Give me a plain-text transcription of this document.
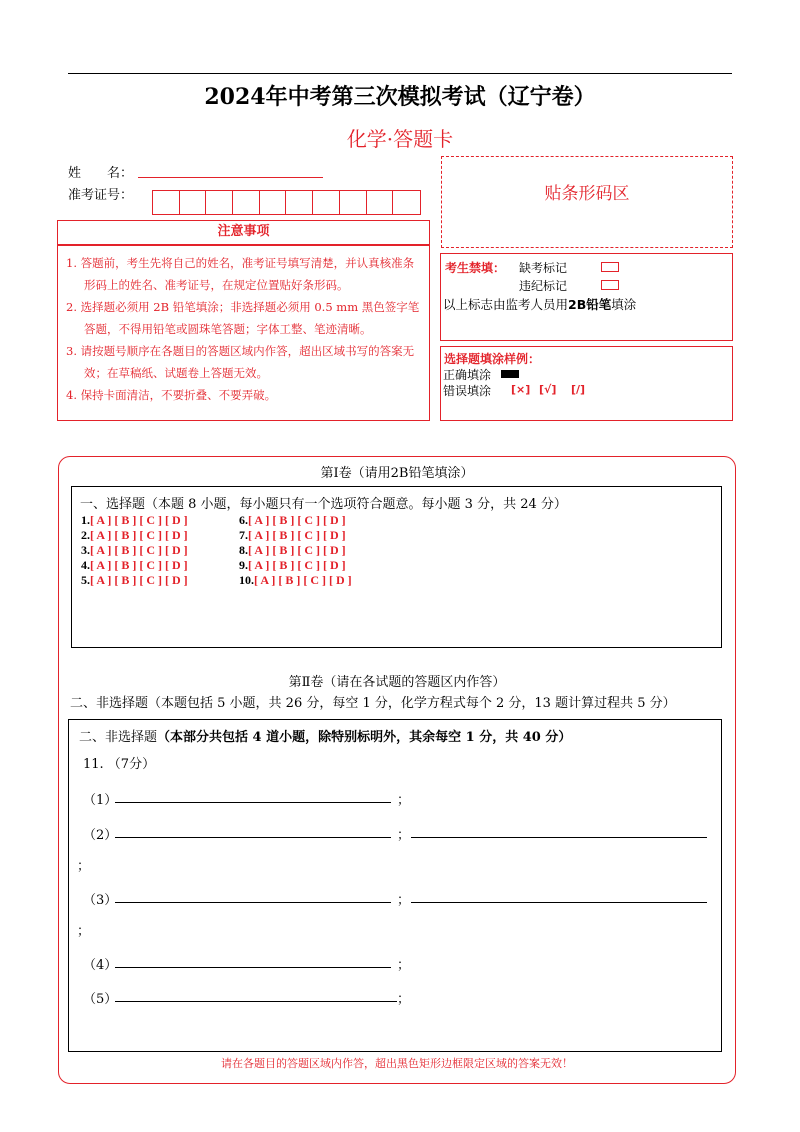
2024年中考第三次模拟考试（辽宁卷）
化学·答题卡
姓　　名：
准考证号：
注意事项
1. 答题前，考生先将自己的姓名，准考证号填写清楚，并认真核准条形码上的姓名、准考证号，在规定位置贴好条形码。
2. 选择题必须用 2B 铅笔填涂；非选择题必须用 0.5 mm 黑色签字笔答题，不得用铅笔或圆珠笔答题；字体工整、笔迹清晰。
3. 请按题号顺序在各题目的答题区域内作答，超出区域书写的答案无效；在草稿纸、试题卷上答题无效。
4. 保持卡面清洁，不要折叠、不要弄破。
贴条形码区
考生禁填： 缺考标记
违纪标记
以上标志由监考人员用2B铅笔填涂
选择题填涂样例：
正确填涂
错误填涂 [×] [√] [/]
第Ⅰ卷（请用2B铅笔填涂）
一、选择题（本题 8 小题，每小题只有一个选项符合题意。每小题 3 分，共 24 分）
1.[ A ] [ B ] [ C ] [ D ]
2.[ A ] [ B ] [ C ] [ D ]
3.[ A ] [ B ] [ C ] [ D ]
4.[ A ] [ B ] [ C ] [ D ]
5.[ A ] [ B ] [ C ] [ D ]
6.[ A ] [ B ] [ C ] [ D ]
7.[ A ] [ B ] [ C ] [ D ]
8.[ A ] [ B ] [ C ] [ D ]
9.[ A ] [ B ] [ C ] [ D ]
10.[ A ] [ B ] [ C ] [ D ]
第Ⅱ卷（请在各试题的答题区内作答）
二、非选择题（本题包括 5 小题，共 26 分，每空 1 分，化学方程式每个 2 分，13 题计算过程共 5 分）
二、非选择题（本部分共包括 4 道小题，除特别标明外，其余每空 1 分，共 40 分）
11. （7分）
（1）	；
（2）	；
；
（3）	；
；
（4）	；
（5）	；
请在各题目的答题区域内作答，超出黑色矩形边框限定区域的答案无效！
